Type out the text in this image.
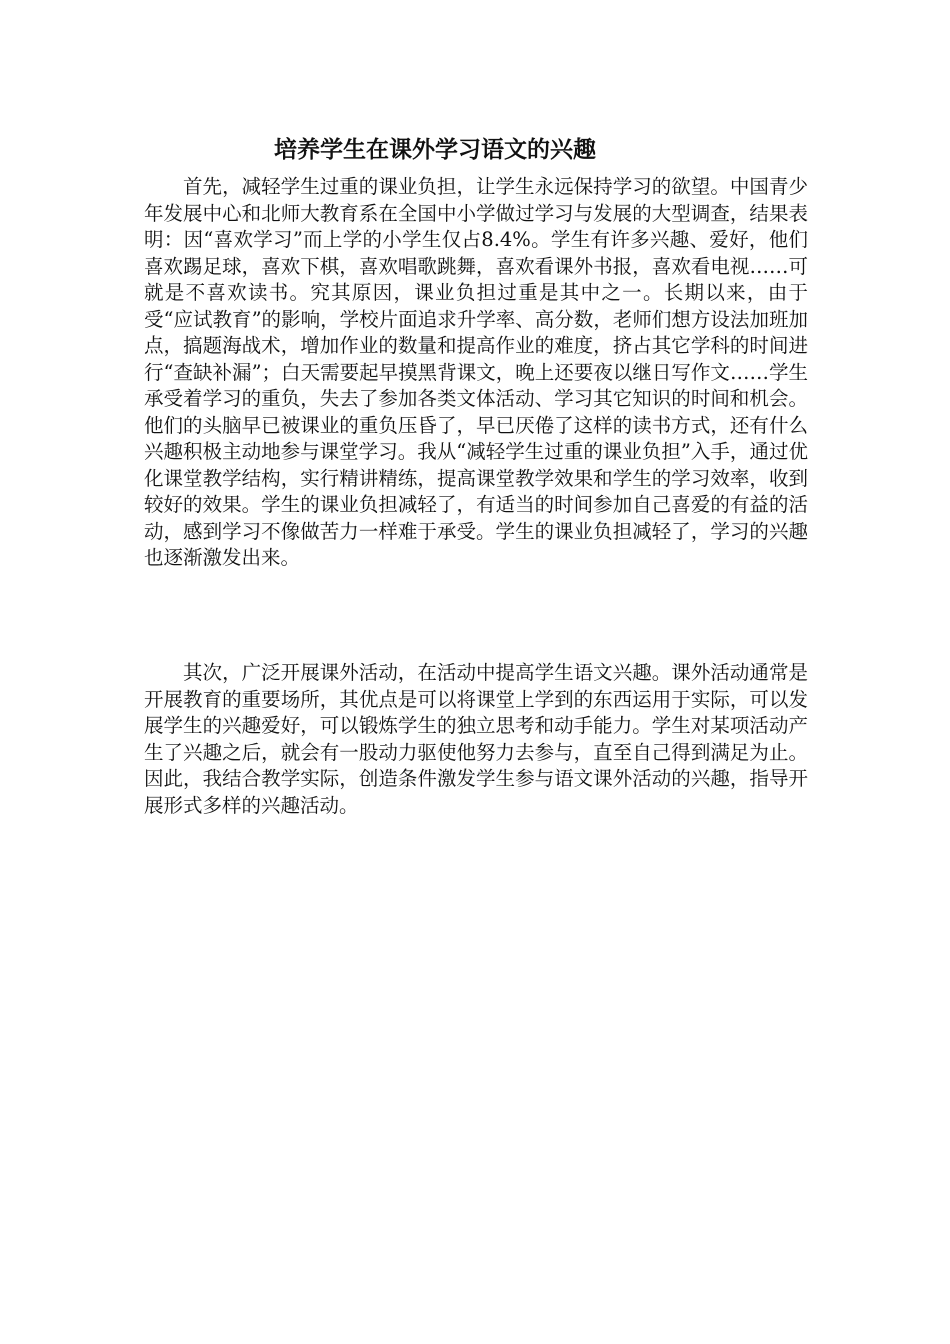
培养学生在课外学习语文的兴趣

首先，减轻学生过重的课业负担，让学生永远保持学习的欲望。中国青少年发展中心和北师大教育系在全国中小学做过学习与发展的大型调查，结果表明：因“喜欢学习”而上学的小学生仅占8.4%。学生有许多兴趣、爱好，他们喜欢踢足球，喜欢下棋，喜欢唱歌跳舞，喜欢看课外书报，喜欢看电视……可就是不喜欢读书。究其原因，课业负担过重是其中之一。长期以来，由于受“应试教育”的影响，学校片面追求升学率、高分数，老师们想方设法加班加点，搞题海战术，增加作业的数量和提高作业的难度，挤占其它学科的时间进行“查缺补漏”；白天需要起早摸黑背课文，晚上还要夜以继日写作文……学生承受着学习的重负，失去了参加各类文体活动、学习其它知识的时间和机会。他们的头脑早已被课业的重负压昏了，早已厌倦了这样的读书方式，还有什么兴趣积极主动地参与课堂学习。我从“减轻学生过重的课业负担”入手，通过优化课堂教学结构，实行精讲精练，提高课堂教学效果和学生的学习效率，收到较好的效果。学生的课业负担减轻了，有适当的时间参加自己喜爱的有益的活动，感到学习不像做苦力一样难于承受。学生的课业负担减轻了，学习的兴趣也逐渐激发出来。

其次，广泛开展课外活动，在活动中提高学生语文兴趣。课外活动通常是开展教育的重要场所，其优点是可以将课堂上学到的东西运用于实际，可以发展学生的兴趣爱好，可以锻炼学生的独立思考和动手能力。学生对某项活动产生了兴趣之后，就会有一股动力驱使他努力去参与，直至自己得到满足为止。因此，我结合教学实际，创造条件激发学生参与语文课外活动的兴趣，指导开展形式多样的兴趣活动。
